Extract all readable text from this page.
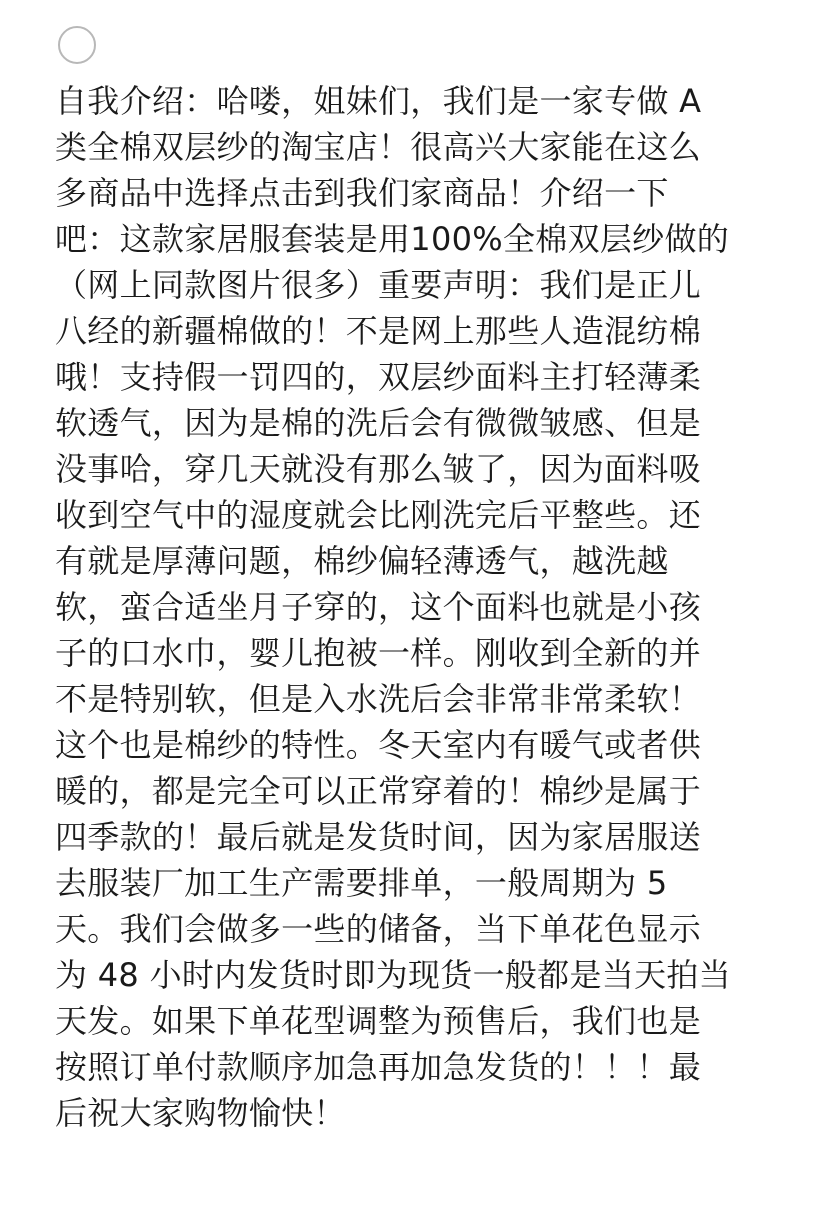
自我介绍：哈喽，姐妹们，我们是一家专做 A
类全棉双层纱的淘宝店！很高兴大家能在这么
多商品中选择点击到我们家商品！介绍一下
吧：这款家居服套装是用100%全棉双层纱做的
（网上同款图片很多）重要声明：我们是正儿
八经的新疆棉做的！不是网上那些人造混纺棉
哦！支持假一罚四的，双层纱面料主打轻薄柔
软透气，因为是棉的洗后会有微微皱感、但是
没事哈，穿几天就没有那么皱了，因为面料吸
收到空气中的湿度就会比刚洗完后平整些。还
有就是厚薄问题，棉纱偏轻薄透气，越洗越
软，蛮合适坐月子穿的，这个面料也就是小孩
子的口水巾，婴儿抱被一样。刚收到全新的并
不是特别软，但是入水洗后会非常非常柔软！
这个也是棉纱的特性。冬天室内有暖气或者供
暖的，都是完全可以正常穿着的！棉纱是属于
四季款的！最后就是发货时间，因为家居服送
去服装厂加工生产需要排单，一般周期为 5
天。我们会做多一些的储备，当下单花色显示
为 48 小时内发货时即为现货一般都是当天拍当
天发。如果下单花型调整为预售后，我们也是
按照订单付款顺序加急再加急发货的！！！最
后祝大家购物愉快！
